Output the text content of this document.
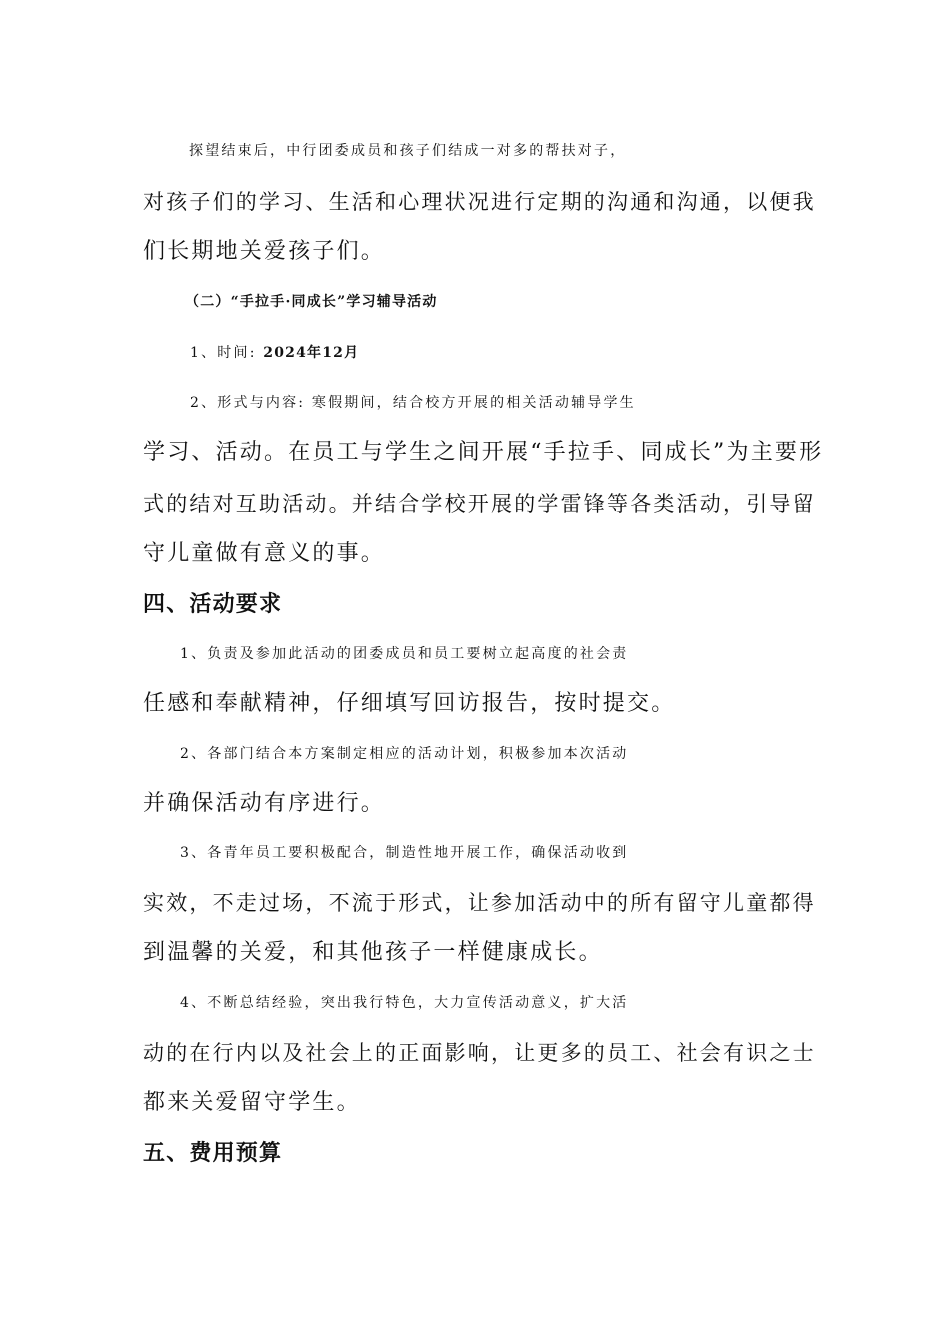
探望结束后，中行团委成员和孩子们结成一对多的帮扶对子，
对孩子们的学习、生活和心理状况进行定期的沟通和沟通，以便我
们长期地关爱孩子们。
（二）“手拉手·同成长”学习辅导活动
1、时间: 2024年12月
2、形式与内容: 寒假期间，结合校方开展的相关活动辅导学生
学习、活动。在员工与学生之间开展“手拉手、同成长”为主要形
式的结对互助活动。并结合学校开展的学雷锋等各类活动，引导留
守儿童做有意义的事。
四、活动要求
1、负责及参加此活动的团委成员和员工要树立起高度的社会责
任感和奉献精神，仔细填写回访报告，按时提交。
2、各部门结合本方案制定相应的活动计划，积极参加本次活动
并确保活动有序进行。
3、各青年员工要积极配合，制造性地开展工作，确保活动收到
实效，不走过场，不流于形式，让参加活动中的所有留守儿童都得
到温馨的关爱，和其他孩子一样健康成长。
4、不断总结经验，突出我行特色，大力宣传活动意义，扩大活
动的在行内以及社会上的正面影响，让更多的员工、社会有识之士
都来关爱留守学生。
五、费用预算
